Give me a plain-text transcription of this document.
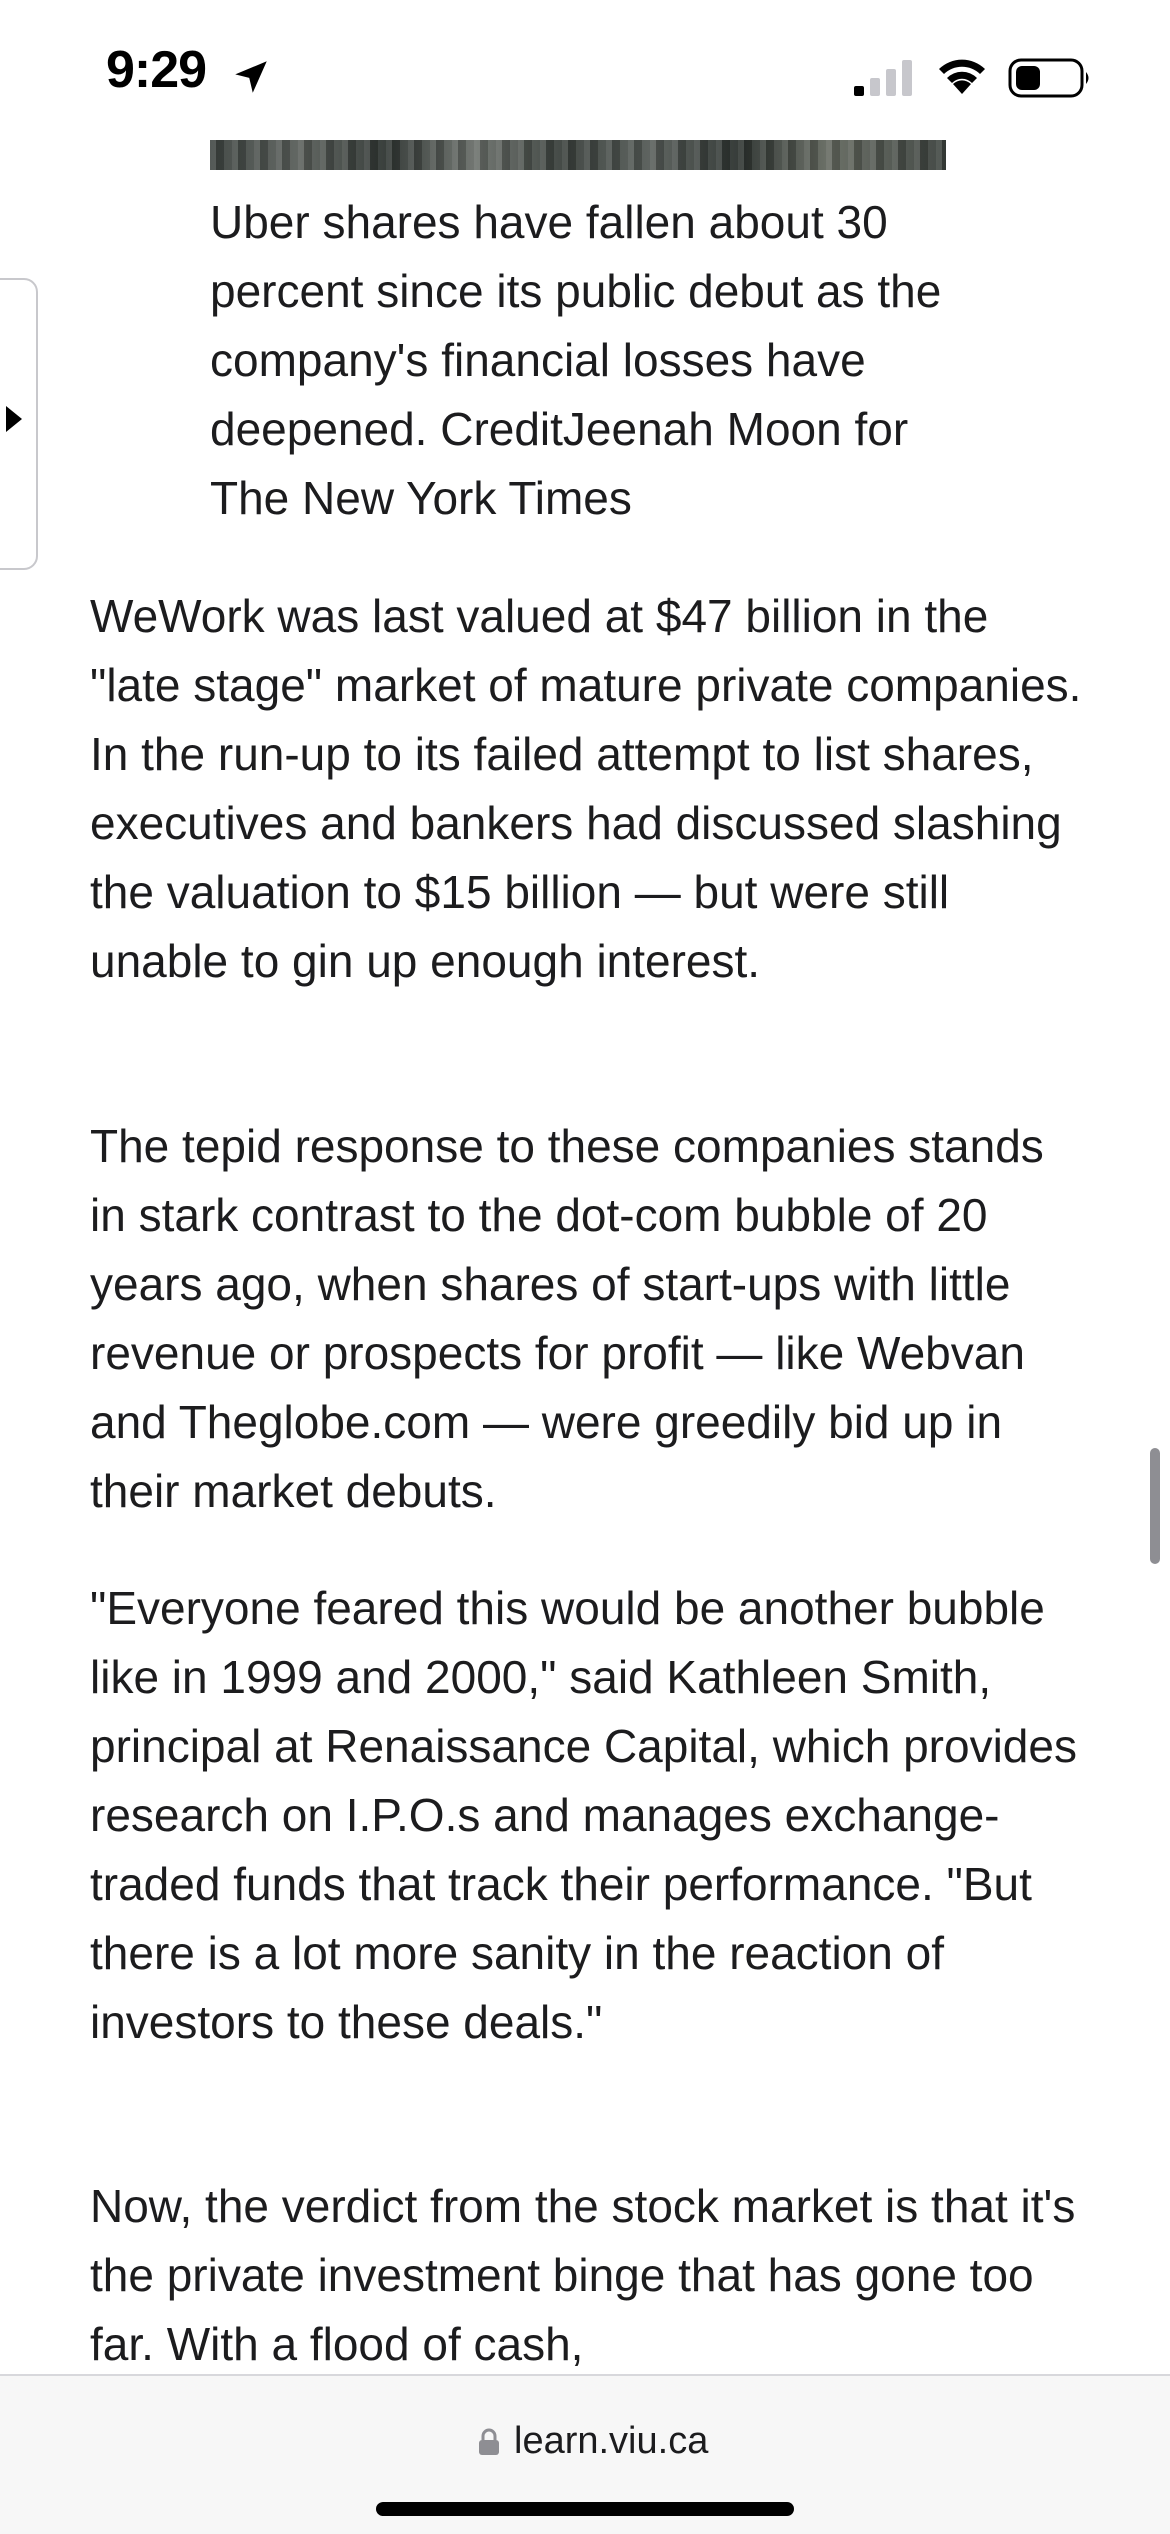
9:29

Uber shares have fallen about 30 percent since its public debut as the company's financial losses have deepened. CreditJeenah Moon for The New York Times

WeWork was last valued at $47 billion in the "late stage" market of mature private companies. In the run-up to its failed attempt to list shares, executives and bankers had discussed slashing the valuation to $15 billion — but were still unable to gin up enough interest.

The tepid response to these companies stands in stark contrast to the dot-com bubble of 20 years ago, when shares of start-ups with little revenue or prospects for profit — like Webvan and Theglobe.com — were greedily bid up in their market debuts.

"Everyone feared this would be another bubble like in 1999 and 2000," said Kathleen Smith, principal at Renaissance Capital, which provides research on I.P.O.s and manages exchange-traded funds that track their performance. "But there is a lot more sanity in the reaction of investors to these deals."

Now, the verdict from the stock market is that it's the private investment binge that has gone too far. With a flood of cash,

learn.viu.ca
